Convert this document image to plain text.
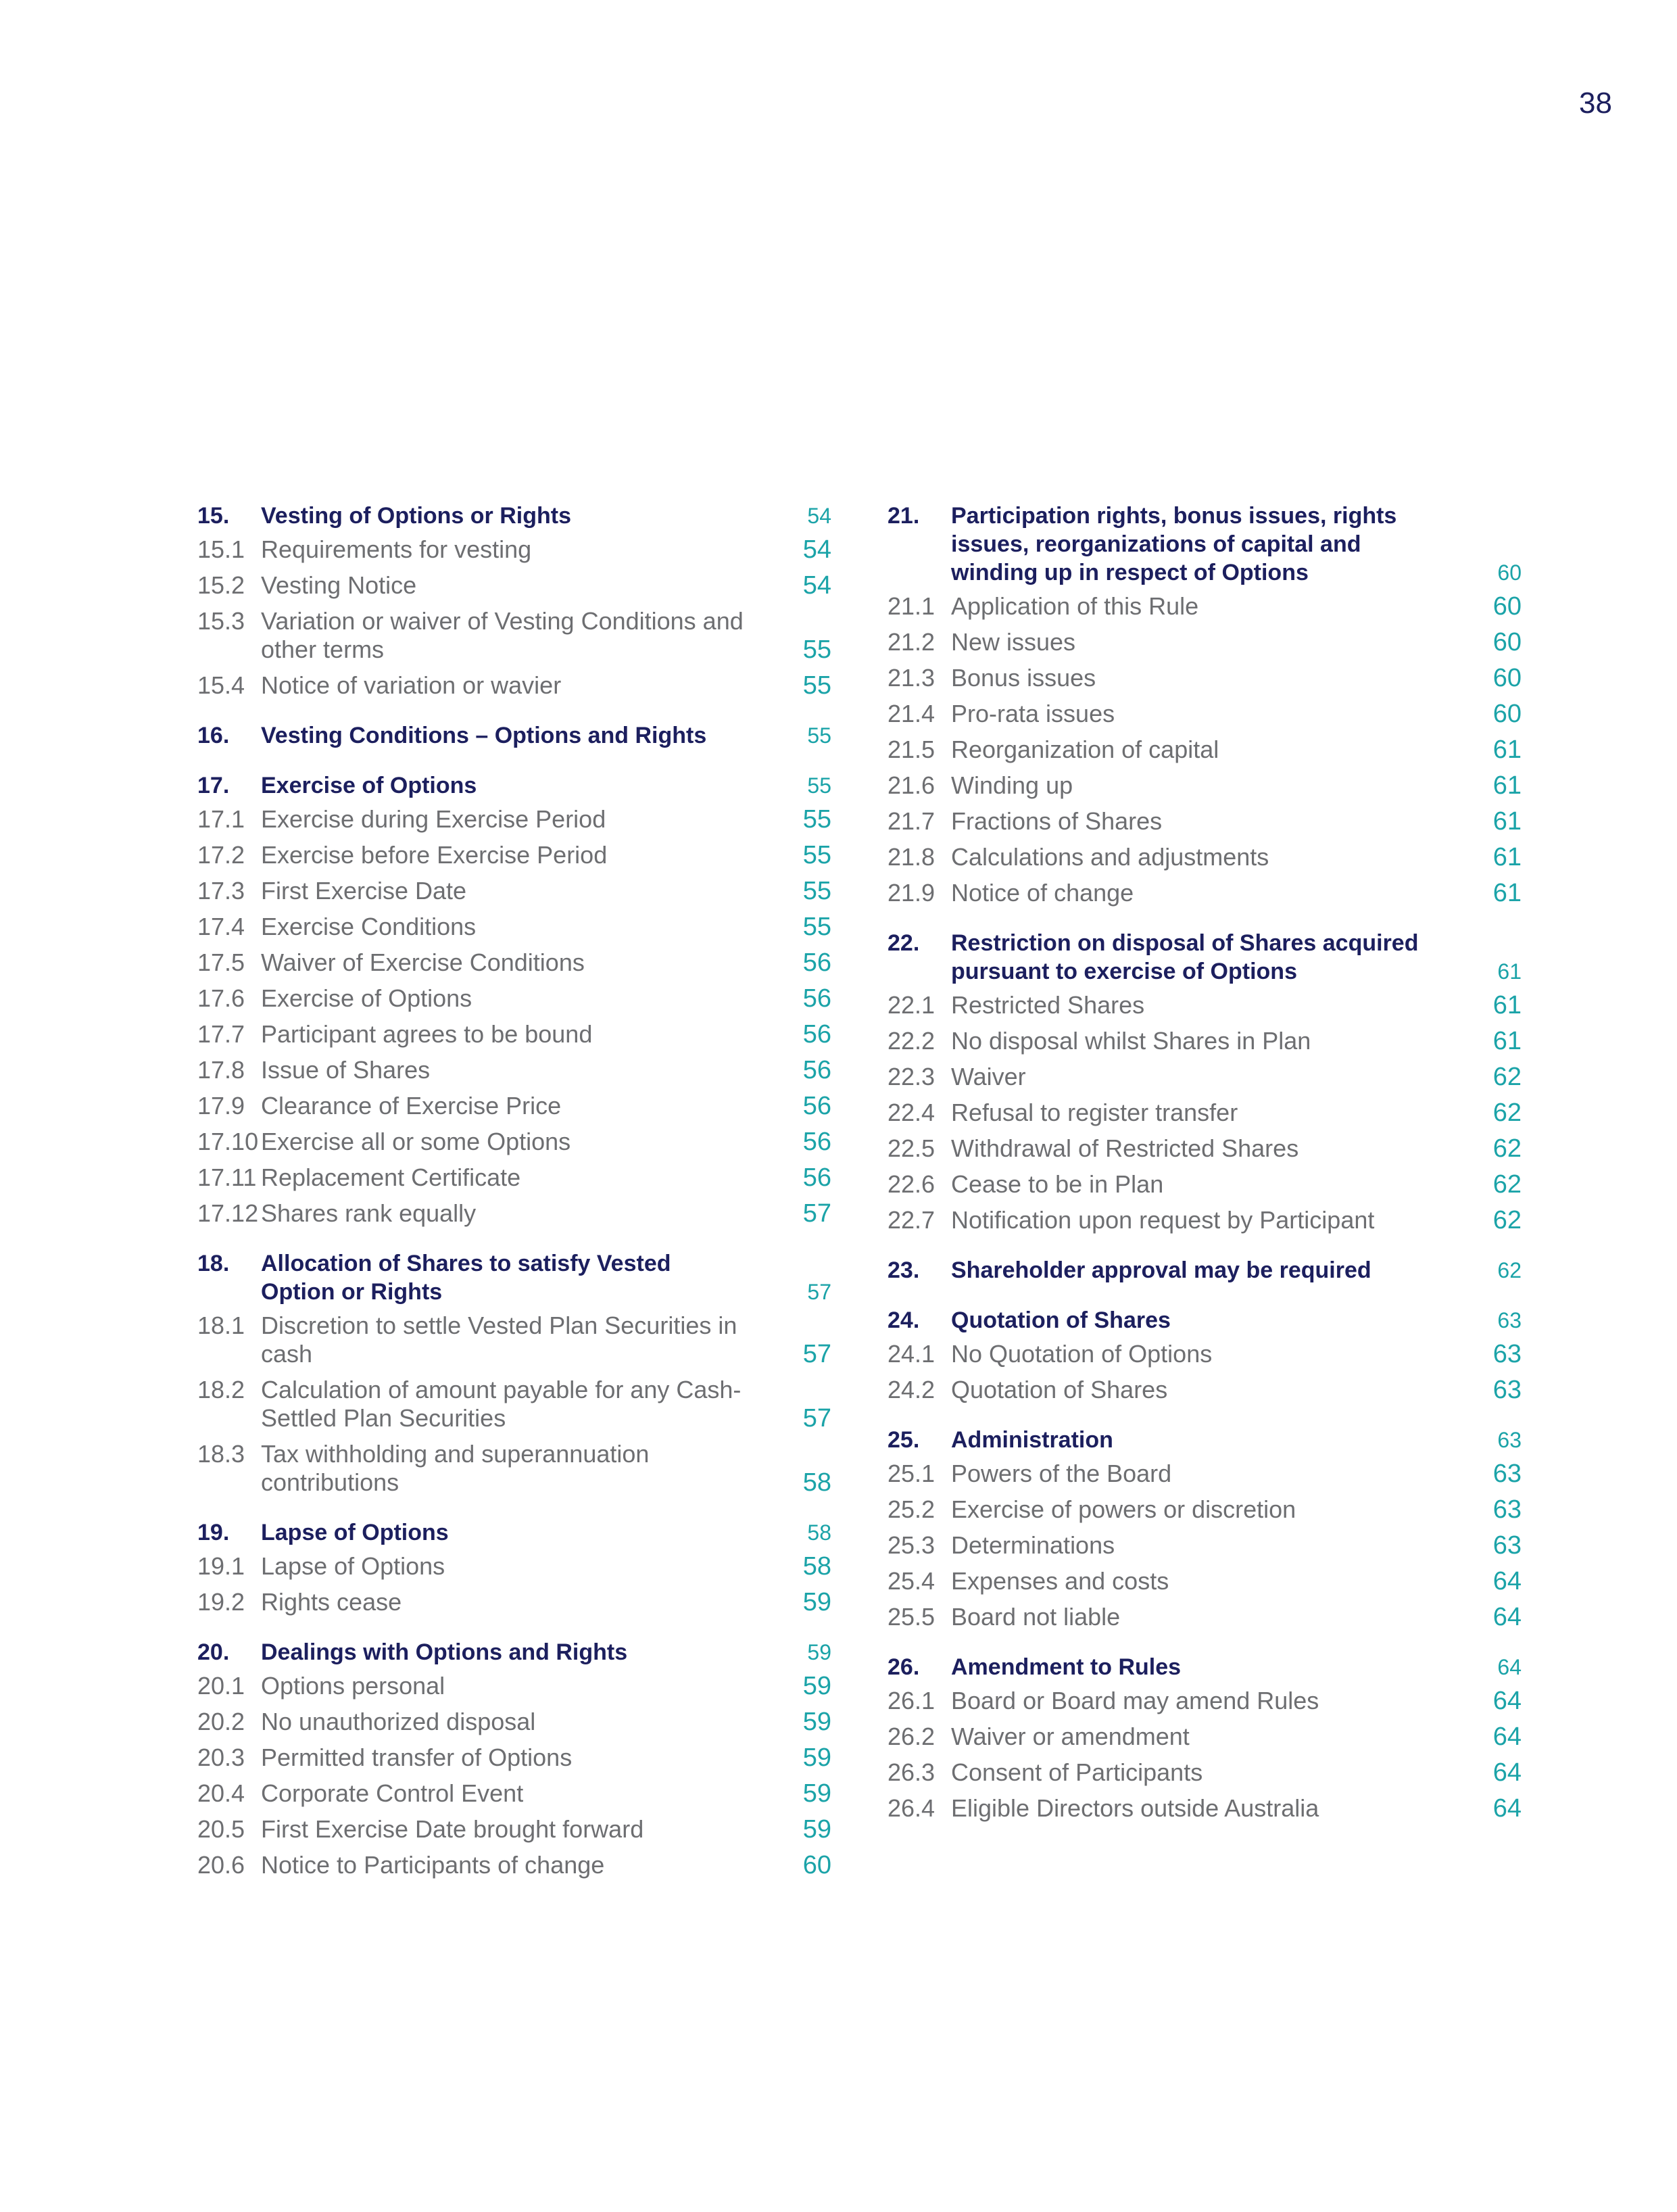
38
15.	Vesting of Options or Rights	54
15.1 Requirements for vesting	54
15.2 Vesting Notice	54
15.3 Variation or waiver of Vesting Conditions and other terms	55
15.4 Notice of variation or wavier	55
16.	Vesting Conditions – Options and Rights	55
17.	Exercise of Options	55
17.1 Exercise during Exercise Period	55
17.2 Exercise before Exercise Period	55
17.3 First Exercise Date	55
17.4 Exercise Conditions	55
17.5 Waiver of Exercise Conditions	56
17.6 Exercise of Options	56
17.7 Participant agrees to be bound	56
17.8 Issue of Shares	56
17.9 Clearance of Exercise Price	56
17.10 Exercise all or some Options	56
17.11 Replacement Certificate	56
17.12 Shares rank equally	57
18.	Allocation of Shares to satisfy Vested Option or Rights	57
18.1 Discretion to settle Vested Plan Securities in cash	57
18.2 Calculation of amount payable for any Cash-Settled Plan Securities	57
18.3 Tax withholding and superannuation contributions	58
19.	Lapse of Options	58
19.1 Lapse of Options	58
19.2 Rights cease	59
20.	Dealings with Options and Rights	59
20.1 Options personal	59
20.2 No unauthorized disposal	59
20.3 Permitted transfer of Options	59
20.4 Corporate Control Event	59
20.5 First Exercise Date brought forward	59
20.6 Notice to Participants of change	60
21.	Participation rights, bonus issues, rights issues, reorganizations of capital and winding up in respect of Options	60
21.1 Application of this Rule	60
21.2 New issues	60
21.3 Bonus issues	60
21.4 Pro-rata issues	60
21.5 Reorganization of capital	61
21.6 Winding up	61
21.7 Fractions of Shares	61
21.8 Calculations and adjustments	61
21.9 Notice of change	61
22.	Restriction on disposal of Shares acquired pursuant to exercise of Options	61
22.1 Restricted Shares	61
22.2 No disposal whilst Shares in Plan	61
22.3 Waiver	62
22.4 Refusal to register transfer	62
22.5 Withdrawal of Restricted Shares	62
22.6 Cease to be in Plan	62
22.7 Notification upon request by Participant	62
23.	Shareholder approval may be required	62
24.	Quotation of Shares	63
24.1 No Quotation of Options	63
24.2 Quotation of Shares	63
25.	Administration	63
25.1 Powers of the Board	63
25.2 Exercise of powers or discretion	63
25.3 Determinations	63
25.4 Expenses and costs	64
25.5 Board not liable	64
26.	Amendment to Rules	64
26.1 Board or Board may amend Rules	64
26.2 Waiver or amendment	64
26.3 Consent of Participants	64
26.4 Eligible Directors outside Australia	64
